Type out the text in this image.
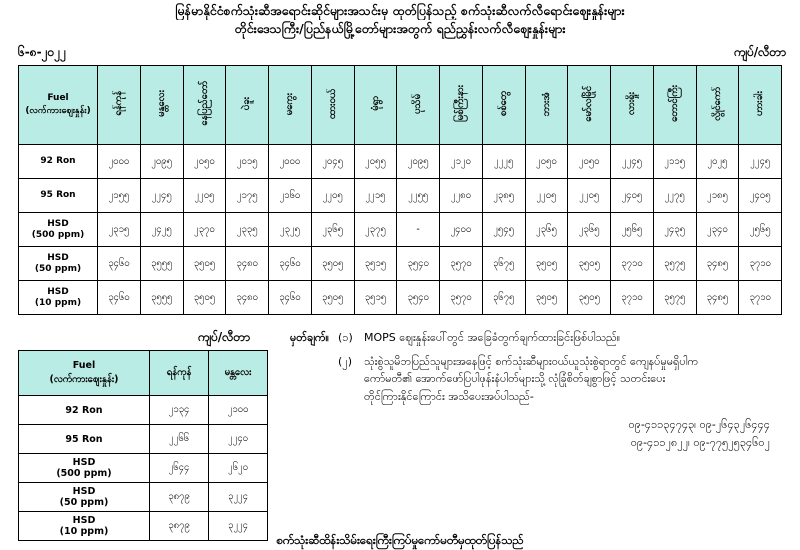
မြန်မာနိုင်ငံစက်သုံးဆီအရောင်းဆိုင်များအသင်းမှ ထုတ်ပြန်သည့် စက်သုံးဆီလက်လီရောင်းဈေးနှုန်းများ
တိုင်းဒေသကြီး/ပြည်နယ်မြို့တော်များအတွက် ရည်ညွှန်းလက်လီဈေးနှုန်းများ
၆-၈-၂၀၂၂	ကျပ်/လီတာ
Fuel
(လက်ကားဈေးနှုန်း)	ရန်ကုန်	မန္တလေး	နေပြည်တော်	ပဲခူး	မကွေး	ထားဝယ်	မုံရွာ	ပုသိမ်	မြစ်ကြီးနား	စစ်တွေ	ဘားအံ	မော်လမြိုင်	လားရှိုး	တောင်ကြီး	လွိုင်ကော်	ဟားခါး

92 Ron	၂၀၀၀	၂၀၉၅	၂၀၅၀	၂၀၁၅	၂၀၀၀	၂၀၄၅	၂၀၅၅	၂၀၉၅	၂၁၂၀	၂၂၂၅	၂၀၅၀	၂၀၅၀	၂၂၄၅	၂၁၁၅	၂၀၂၅	၂၂၄၅

95 Ron	၂၁၅၅	၂၂၄၅	၂၂၀၅	၂၁၇၅	၂၁၆၀	၂၂၀၅	၂၂၁၅	၂၂၅၅	၂၂၈၀	၂၃၈၅	၂၂၀၅	၂၂၀၅	၂၄၀၅	၂၂၇၅	၂၁၈၅	၂၄၀၅

HSD
(500 ppm)	၂၃၁၅	၂၄၂၅	၂၃၇၀	၂၃၃၅	၂၃၂၅	၂၃၆၅	၂၃၇၅	-	၂၄၀၀	၂၅၄၅	၂၃၆၅	၂၃၆၅	၂၅၆၅	၂၄၃၅	၂၃၄၀	၂၅၆၅

HSD
(50 ppm)	၃၄၆၀	၃၅၅၅	၃၅၀၅	၃၄၈၀	၃၄၆၀	၃၅၀၅	၃၅၁၅	၃၅၄၀	၃၅၇၀	၃၆၇၅	၃၅၀၅	၃၅၀၅	၃၇၁၀	၃၅၇၅	၃၄၈၅	၃၇၁၀

HSD
(10 ppm)	၃၄၆၀	၃၅၅၅	၃၅၀၅	၃၄၈၀	၃၄၆၀	၃၅၀၅	၃၅၁၅	၃၅၄၀	၃၅၇၀	၃၆၇၅	၃၅၀၅	၃၅၀၅	၃၇၁၀	၃၅၇၅	၃၄၈၅	၃၇၁၀
ကျပ်/လီတာ
Fuel
(လက်ကားဈေးနှုန်း)	ရန်ကုန်	မန္တလေး

92 Ron	၂၁၃၄	၂၁၀၀

95 Ron	၂၂၆၆	၂၂၄၀

HSD
(500 ppm)	၂၆၄၄	၂၆၂၀

HSD
(50 ppm)	၃၈၇၉	၃၂၂၄

HSD
(10 ppm)	၃၈၇၉	၃၂၂၄
မှတ်ချက်။ (၁)	MOPS ဈေးနှုန်းပေါ်တွင် အခြေခံတွက်ချက်ထားခြင်းဖြစ်ပါသည်။
(၂)	သုံးစွဲသူမိဘပြည်သူများအနေဖြင့် စက်သုံးဆီများဝယ်ယူသုံးစွဲရာတွင် ကျေနပ်မှုမရှိပါက
ကော်မတီ၏ အောက်ဖော်ပြပါဖုန်းနံပါတ်များသို့ လုံခြုံစိတ်ချစွာဖြင့် သတင်းပေး
တိုင်ကြားနိုင်ကြောင်း အသိပေးအပ်ပါသည်-
၀၉-၄၁၁၃၄၇၄၃၊ ၀၉-၂၆၄၃၂၆၄၄၄
၀၉-၄၁၁၂၈၂၂၊ ၀၉-၇၇၅၂၅၃၄၆၀၂
စက်သုံးဆီထိန်းသိမ်းရေးကြီးကြပ်မှုကော်မတီမှထုတ်ပြန်သည်
